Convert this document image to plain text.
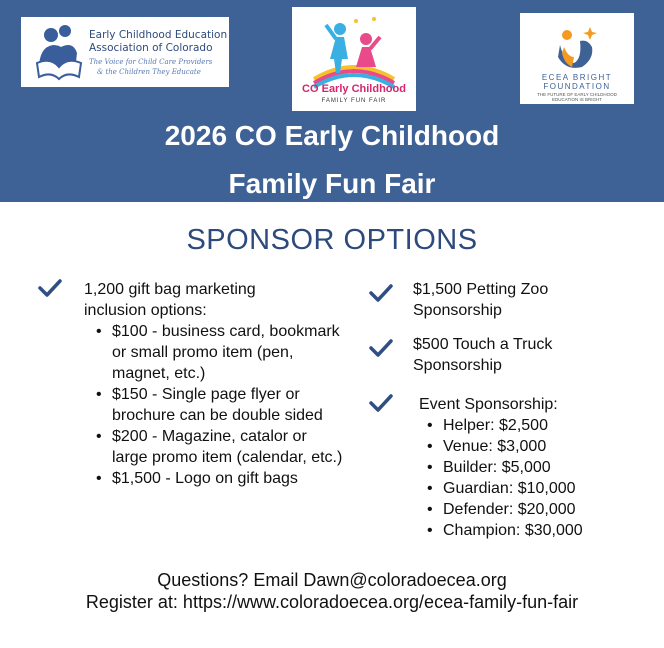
Early Childhood Education
Association of Colorado
The Voice for Child Care Providers
& the Children They Educate
CO Early Childhood
FAMILY FUN FAIR
ECEA BRIGHT
FOUNDATION
THE FUTURE OF EARLY CHILDHOOD
EDUCATION IS BRIGHT
2026 CO Early Childhood
Family Fun Fair
SPONSOR OPTIONS
1,200 gift bag marketing inclusion options:
• $100 - business card, bookmark or small promo item (pen, magnet, etc.)
• $150 - Single page flyer or brochure can be double sided
• $200 - Magazine, catalor or large promo item (calendar, etc.)
• $1,500 - Logo on gift bags
$1,500 Petting Zoo Sponsorship
$500 Touch a Truck Sponsorship
Event Sponsorship:
• Helper: $2,500
• Venue: $3,000
• Builder: $5,000
• Guardian: $10,000
• Defender: $20,000
• Champion: $30,000
Questions? Email Dawn@coloradoecea.org
Register at: https://www.coloradoecea.org/ecea-family-fun-fair
